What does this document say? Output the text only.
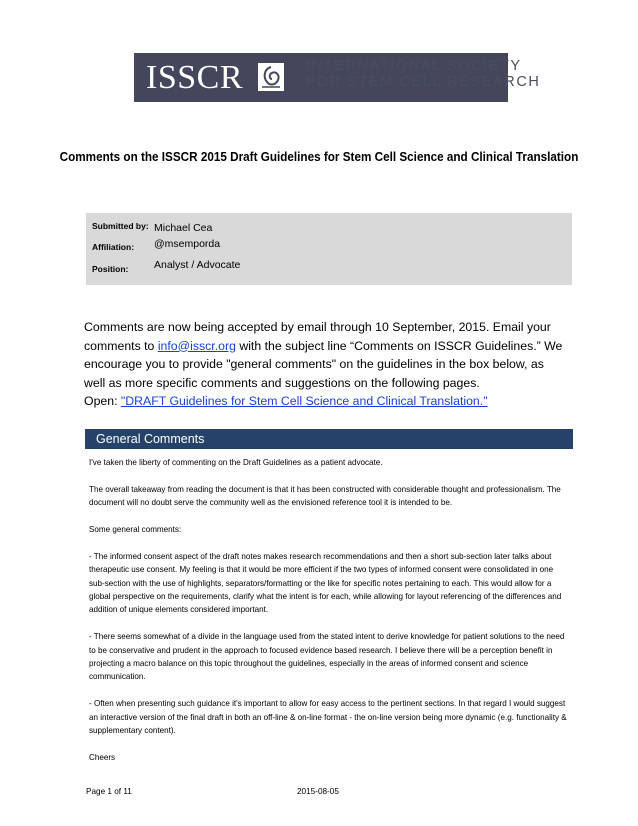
ISSCR	INTERNATIONAL SOCIETY
FOR STEM CELL RESEARCH
Comments on the ISSCR 2015 Draft Guidelines for Stem Cell Science and Clinical Translation
Submitted by: Michael Cea
Affiliation: @msemporda
Position: Analyst / Advocate
Comments are now being accepted by email through 10 September, 2015. Email your comments to info@isscr.org with the subject line “Comments on ISSCR Guidelines.” We encourage you to provide "general comments" on the guidelines in the box below, as well as more specific comments and suggestions on the following pages.
Open: "DRAFT Guidelines for Stem Cell Science and Clinical Translation."
General Comments

I've taken the liberty of commenting on the Draft Guidelines as a patient advocate.

The overall takeaway from reading the document is that it has been constructed with considerable thought and professionalism. The document will no doubt serve the community well as the envisioned reference tool it is intended to be.

Some general comments:

- The informed consent aspect of the draft notes makes research recommendations and then a short sub-section later talks about therapeutic use consent. My feeling is that it would be more efficient if the two types of informed consent were consolidated in one sub-section with the use of highlights, separators/formatting or the like for specific notes pertaining to each. This would allow for a global perspective on the requirements, clarify what the intent is for each, while allowing for layout referencing of the differences and addition of unique elements considered important.

- There seems somewhat of a divide in the language used from the stated intent to derive knowledge for patient solutions to the need to be conservative and prudent in the approach to focused evidence based research. I believe there will be a perception benefit in projecting a macro balance on this topic throughout the guidelines, especially in the areas of informed consent and science communication.

- Often when presenting such guidance it's important to allow for easy access to the pertinent sections. In that regard I would suggest an interactive version of the final draft in both an off-line & on-line format - the on-line version being more dynamic (e.g. functionality & supplementary content).

Cheers

Page 1 of 11	2015-08-05
